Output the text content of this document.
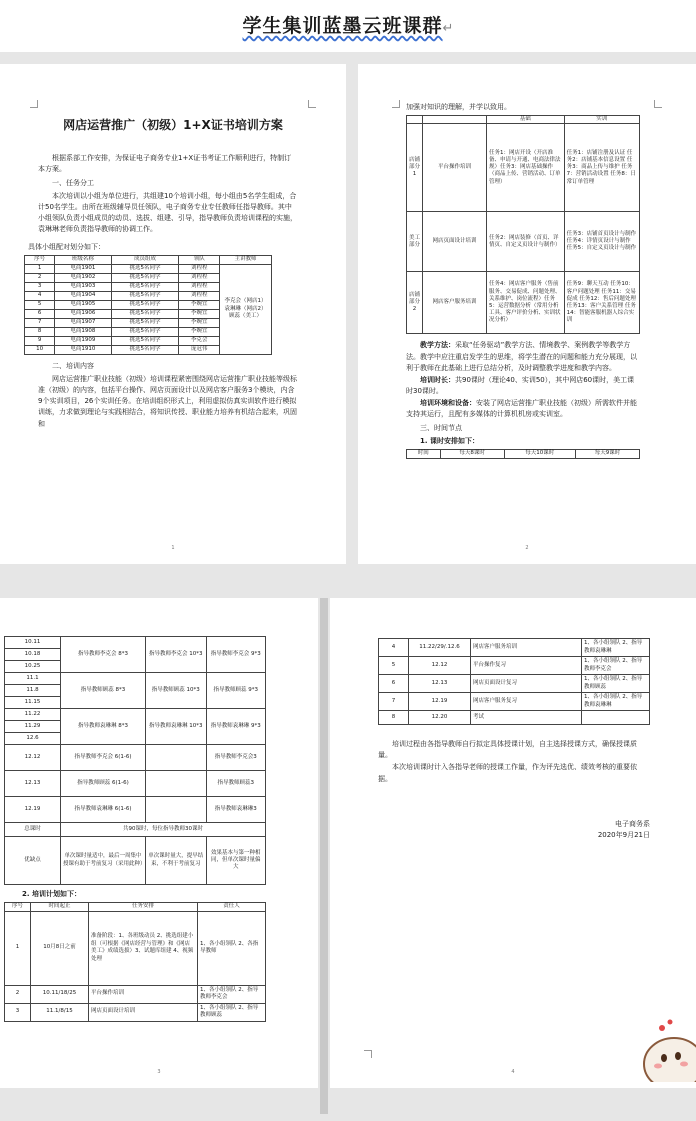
学生集训蓝墨云班课群↵
网店运营推广（初级）1+X证书培训方案

根据系部工作安排，为保证电子商务专业1+X证书考证工作顺利进行，特制订本方案。

一、任务分工

本次培训以小组为单位进行，共组建10个培训小组，每小组由5名学生组成，合计50名学生。由所在班级辅导员任领队，电子商务专业专任教师任指导教师。其中小组领队负责小组成员的动员、选拔、组建、引导，指导教师负责培训课程的实施，袁琳琳老师负责指导教师的协调工作。

具体小组配对划分如下：
序号	班级名称	成员组成	领队	主讲教师
1	电商1901	挑选5名同学	刘程程	李克会（网店1）袁琳琳（网店2）顾蕊（美工）
2	电商1902	挑选5名同学	刘程程	
3	电商1903	挑选5名同学	刘程程	
4	电商1904	挑选5名同学	刘程程	
5	电商1905	挑选5名同学	李婉宜	
6	电商1906	挑选5名同学	李婉宜	
7	电商1907	挑选5名同学	李婉宜	
8	电商1908	挑选5名同学	李婉宜	
9	电商1909	挑选5名同学	李克会	
10	电商1910	挑选5名同学	庞冠伟	

二、培训内容

网店运营推广职业技能（初级）培训课程紧密围绕网店运营推广职业技能等级标准（初级）的内容，包括平台操作、网店页面设计以及网店客户服务3个模块，内含9个实训项目，26个实训任务。在培训组织形式上，利用虚拟仿真实训软件进行模拟训练，力求做到理论与实践相结合，将知识传授、职业能力培养有机结合起来，巩固和

1

加强对知识的理解，并学以致用。

		基础	实训
店铺部分1	平台操作培训	任务1：网店开设（开店准备、申请与开通、电商法律法规）任务3：网店基础操作（商品上传、营销活动、订单管理）	任务1：店铺注册及认证 任务2：店铺基本信息设置 任务3：商品上传与维护 任务7：营销活动设置 任务8：日常订单管理
美工部分	网店页面设计培训	任务2：网店装修（首页、详情页、自定义页设计与制作）	任务3：店铺首页设计与制作 任务4：详情页设计与制作 任务5：自定义页设计与制作
店铺部分2	网店客户服务培训	任务4：网店客户服务（售前服务、交易促成、问题处理、关系维护、岗位流程）任务5：运营数据分析（常用分析工具、客户评价分析、实训状况分析）	任务9：聊天互动 任务10：客户问题处理 任务11：交易促成 任务12：售后问题处理 任务13：客户关系管理 任务14：智能客服机器人综合实训

教学方法：采取“任务驱动”教学方法、情境教学、案例教学等教学方法。教学中应注重启发学生的思维，将学生潜在的问题和能力充分展现，以利于教师在此基础上进行总结分析，及时调整教学进度和教学内容。

培训时长：共90课时（理论40、实训50），其中网店60课时，美工课时30课时。

培训环境和设备：安装了网店运营推广职业技能（初级）所需软件并能支持其运行，且配有多媒体的计算机机房或实训室。

三、时间节点

1. 课时安排如下：

时间	每天8课时	每天10课时	每天9课时
2
10.11	指导教师李克会 8*3	指导教师李克会 10*3	指导教师李克会 9*3
10.18			
10.25			
11.1	指导教师顾蕊 8*3	指导教师顾蕊 10*3	指导教师顾蕊 9*3
11.8			
11.15			
11.22	指导教师袁琳琳 8*3	指导教师袁琳琳 10*3	指导教师袁琳琳 9*3
11.29			
12.6			
12.12	指导教师李克会 6(1-6)		指导教师李克会3
12.13	指导教师顾蕊 6(1-6)		指导教师顾蕊3
12.19	指导教师袁琳琳 6(1-6)		指导教师袁琳琳3
总课时	共90课时，每位指导教师30课时		
优缺点	单次课时量适中，最后一周集中授课有助于考前复习（采用此种）	单次课时量大，提早结束，不利于考前复习	效果基本与第一种相同，但单次课时量偏大

2. 培训计划如下：

序号	时间起止	任务安排	责任人
1	10月8日之前	准备阶段：1、各班级动员 2、挑选组建小组（可根据《网店经营与管理》和《网店美工》成绩选拔）3、试题库组建 4、视频处理	1、各小组领队 2、各指导教师
2	10.11/18/25	平台操作培训	1、各小组领队 2、指导教师李克会
3	11.1/8/15	网店页面设计培训	1、各小组领队 2、指导教师顾蕊
3
4	11.22/29/.12.6	网店客户服务培训	1、各小组领队 2、指导教师袁琳琳
5	12.12	平台操作复习	1、各小组领队 2、指导教师李克会
6	12.13	网店页面设计复习	1、各小组领队 2、指导教师顾蕊
7	12.19	网店客户服务复习	1、各小组领队 2、指导教师袁琳琳
8	12.20	考试	

培训过程由各指导教师自行拟定具体授课计划，自主选择授课方式，确保授课质量。

本次培训课时计入各指导老师的授课工作量，作为评先选优、绩效考核的重要依据。

电子商务系

2020年9月21日

4
